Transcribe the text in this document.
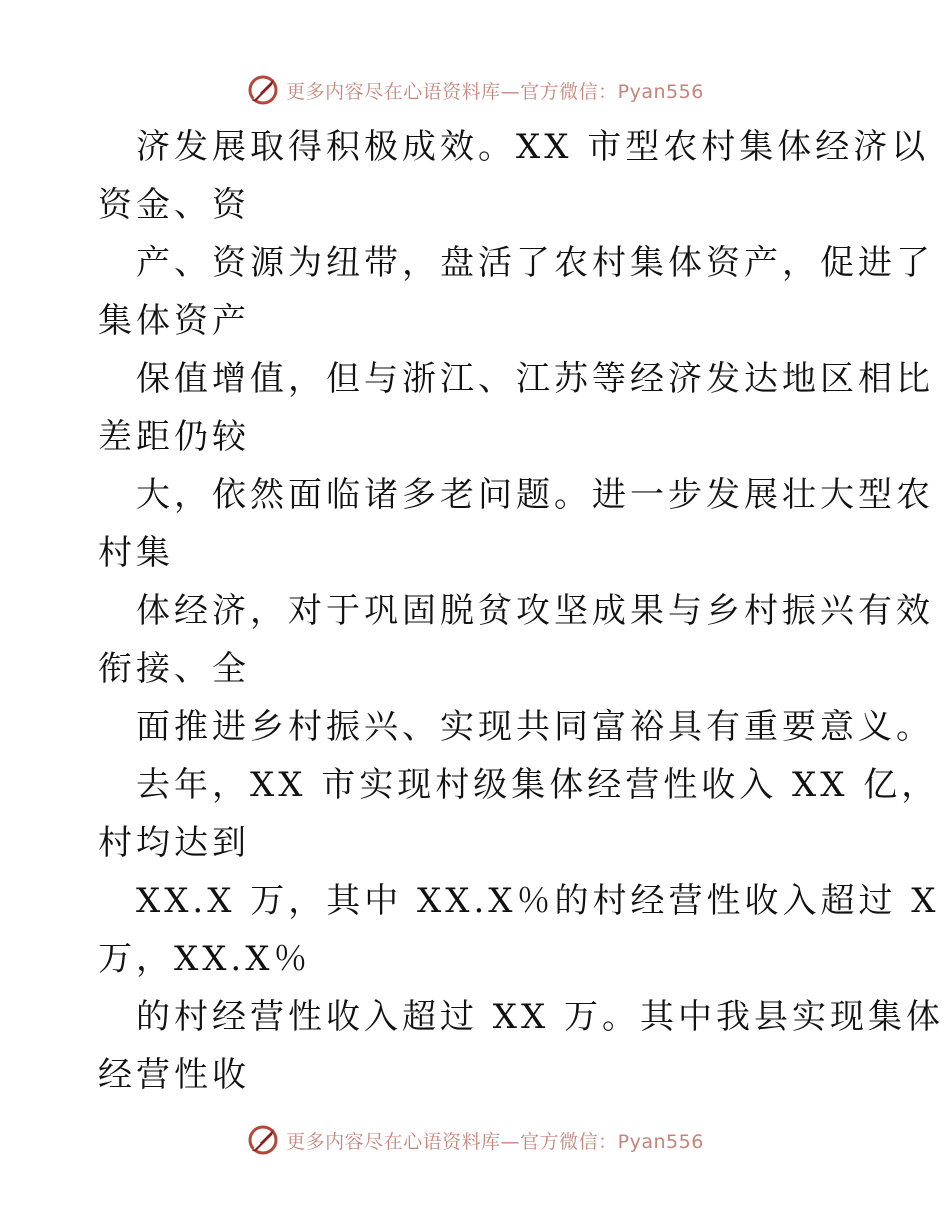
更多内容尽在心语资料库—官方微信：Pyan556
济发展取得积极成效。XX 市型农村集体经济以
资金、资
产、资源为纽带，盘活了农村集体资产，促进了
集体资产
保值增值，但与浙江、江苏等经济发达地区相比
差距仍较
大，依然面临诸多老问题。进一步发展壮大型农
村集
体经济，对于巩固脱贫攻坚成果与乡村振兴有效
衔接、全
面推进乡村振兴、实现共同富裕具有重要意义。
去年，XX 市实现村级集体经营性收入 XX 亿，
村均达到
XX.X 万，其中 XX.X％的村经营性收入超过 X
万，XX.X％
的村经营性收入超过 XX 万。其中我县实现集体
经营性收
更多内容尽在心语资料库—官方微信：Pyan556
